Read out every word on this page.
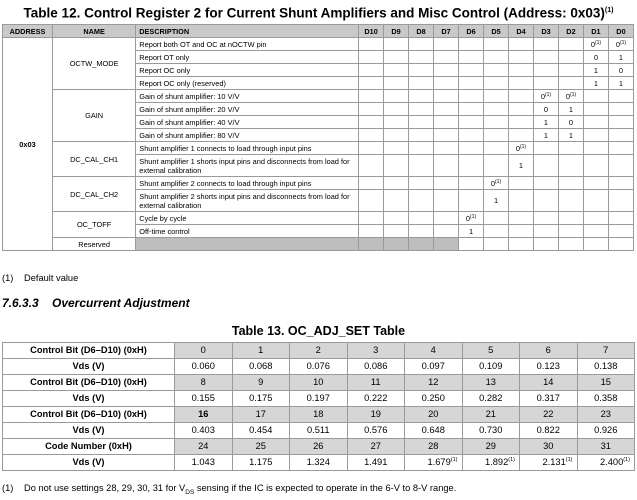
Table 12. Control Register 2 for Current Shunt Amplifiers and Misc Control (Address: 0x03)$^{(1)}$
ADDRESS	NAME	DESCRIPTION	D10	D9	D8	D7	D6	D5	D4	D3	D2	D1	D0
0x03	OCTW_MODE	Report both OT and OC at nOCTW pin										0$^{(1)}$	0$^{(1)}$
		Report OT only										0	1
		Report OC only										1	0
		Report OC only (reserved)										1	1
	GAIN	Gain of shunt amplifier: 10 V/V								0$^{(1)}$	0$^{(1)}$		
		Gain of shunt amplifier: 20 V/V								0	1		
		Gain of shunt amplifier: 40 V/V								1	0		
		Gain of shunt amplifier: 80 V/V								1	1		
	DC_CAL_CH1	Shunt amplifier 1 connects to load through input pins							0$^{(1)}$				
		Shunt amplifier 1 shorts input pins and disconnects from load for external calibration							1				
	DC_CAL_CH2	Shunt amplifier 2 connects to load through input pins						0$^{(1)}$					
		Shunt amplifier 2 shorts input pins and disconnects from load for external calibration						1					
	OC_TOFF	Cycle by cycle					0$^{(1)}$						
		Off-time control					1						
	Reserved												
(1) Default value
7.6.3.3 Overcurrent Adjustment
Table 13. OC_ADJ_SET Table
Control Bit (D6–D10) (0xH)	0	1	2	3	4	5	6	7
Vds (V)	0.060	0.068	0.076	0.086	0.097	0.109	0.123	0.138
Control Bit (D6–D10) (0xH)	8	9	10	11	12	13	14	15
Vds (V)	0.155	0.175	0.197	0.222	0.250	0.282	0.317	0.358
Control Bit (D6–D10) (0xH)	16	17	18	19	20	21	22	23
Vds (V)	0.403	0.454	0.511	0.576	0.648	0.730	0.822	0.926
Code Number (0xH)	24	25	26	27	28	29	30	31
Vds (V)	1.043	1.175	1.324	1.491	1.679$^{(1)}$	1.892$^{(1)}$	2.131$^{(1)}$	2.400$^{(1)}$
(1) Do not use settings 28, 29, 30, 31 for $V_{DS}$ sensing if the IC is expected to operate in the 6-V to 8-V range.
